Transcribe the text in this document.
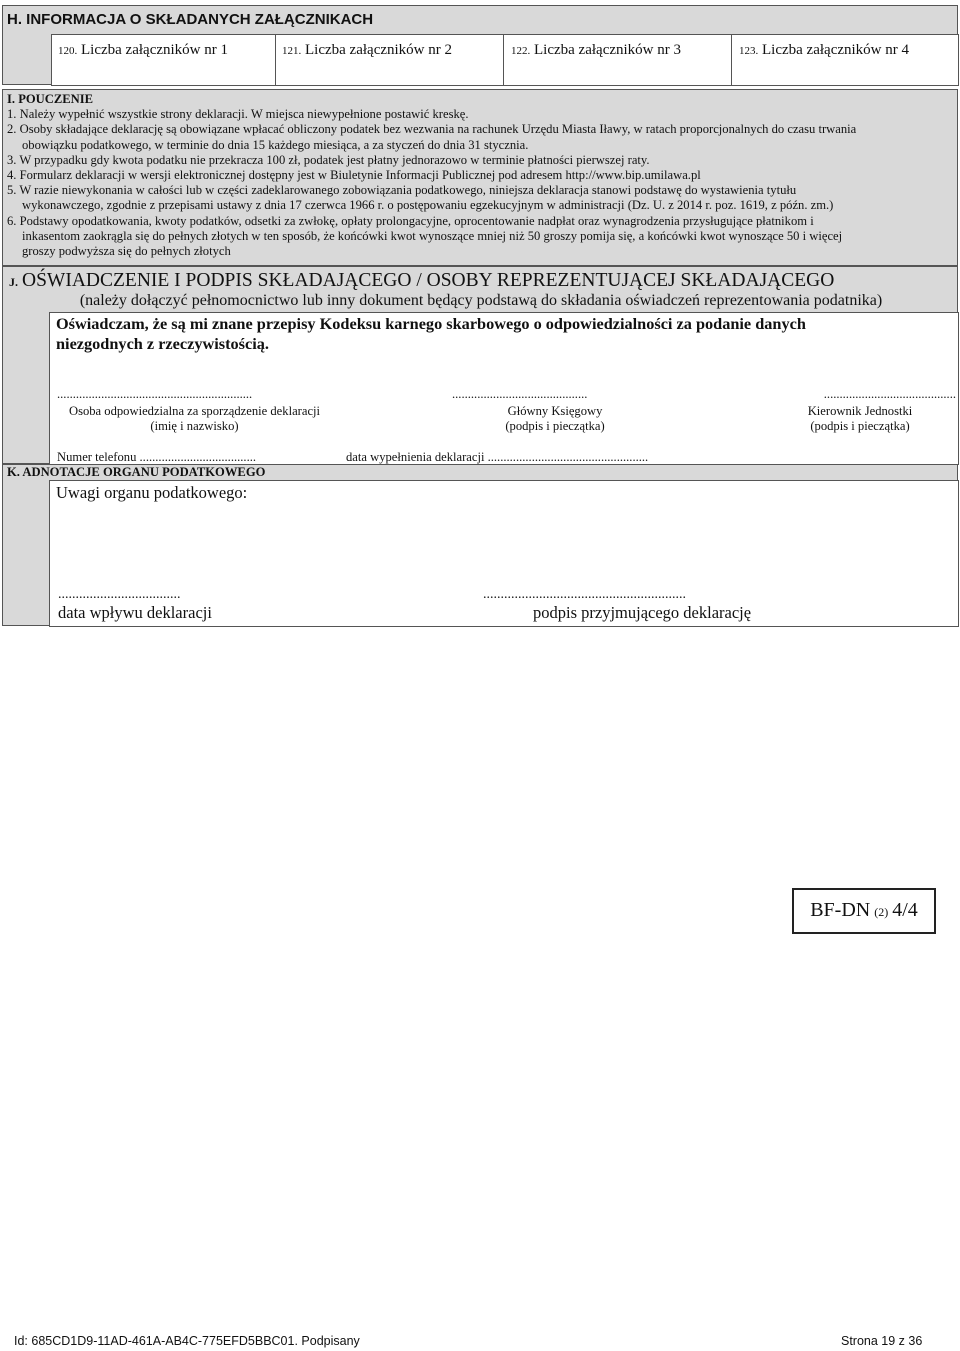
H. INFORMACJA O SKŁADANYCH ZAŁĄCZNIKACH
120. Liczba załączników nr 1	121. Liczba załączników nr 2	122. Liczba załączników nr 3	123. Liczba załączników nr 4
I. POUCZENIE
1. Należy wypełnić wszystkie strony deklaracji. W miejsca niewypełnione postawić kreskę.
2. Osoby składające deklarację są obowiązane wpłacać obliczony podatek bez wezwania na rachunek Urzędu Miasta Iławy, w ratach proporcjonalnych do czasu trwania
obowiązku podatkowego, w terminie do dnia 15 każdego miesiąca, a za styczeń do dnia 31 stycznia.
3. W przypadku gdy kwota podatku nie przekracza 100 zł, podatek jest płatny jednorazowo w terminie płatności pierwszej raty.
4. Formularz deklaracji w wersji elektronicznej dostępny jest w Biuletynie Informacji Publicznej pod adresem http://www.bip.umilawa.pl
5. W razie niewykonania w całości lub w części zadeklarowanego zobowiązania podatkowego, niniejsza deklaracja stanowi podstawę do wystawienia tytułu
wykonawczego, zgodnie z przepisami ustawy z dnia 17 czerwca 1966 r. o postępowaniu egzekucyjnym w administracji (Dz. U. z 2014 r. poz. 1619, z późn. zm.)
6. Podstawy opodatkowania, kwoty podatków, odsetki za zwłokę, opłaty prolongacyjne, oprocentowanie nadpłat oraz wynagrodzenia przysługujące płatnikom i
inkasentom zaokrągla się do pełnych złotych w ten sposób, że końcówki kwot wynoszące mniej niż 50 groszy pomija się, a końcówki kwot wynoszące 50 i więcej
groszy podwyższa się do pełnych złotych
J. OŚWIADCZENIE I PODPIS SKŁADAJĄCEGO / OSOBY REPREZENTUJĄCEJ SKŁADAJĄCEGO
(należy dołączyć pełnomocnictwo lub inny dokument będący podstawą do składania oświadczeń reprezentowania podatnika)
Oświadczam, że są mi znane przepisy Kodeksu karnego skarbowego o odpowiedzialności za podanie danych
niezgodnych z rzeczywistością.
..............................................................
Osoba odpowiedzialna za sporządzenie deklaracji
(imię i nazwisko)
...........................................
Główny Księgowy
(podpis i pieczątka)
..........................................
Kierownik Jednostki
(podpis i pieczątka)
Numer telefonu .....................................	data wypełnienia deklaracji ...................................................
K. ADNOTACJE ORGANU PODATKOWEGO
Uwagi organu podatkowego:
...................................
data wpływu deklaracji
..........................................................
podpis przyjmującego deklarację
BF-DN (2) 4/4
Id: 685CD1D9-11AD-461A-AB4C-775EFD5BBC01. Podpisany	Strona 19 z 36
